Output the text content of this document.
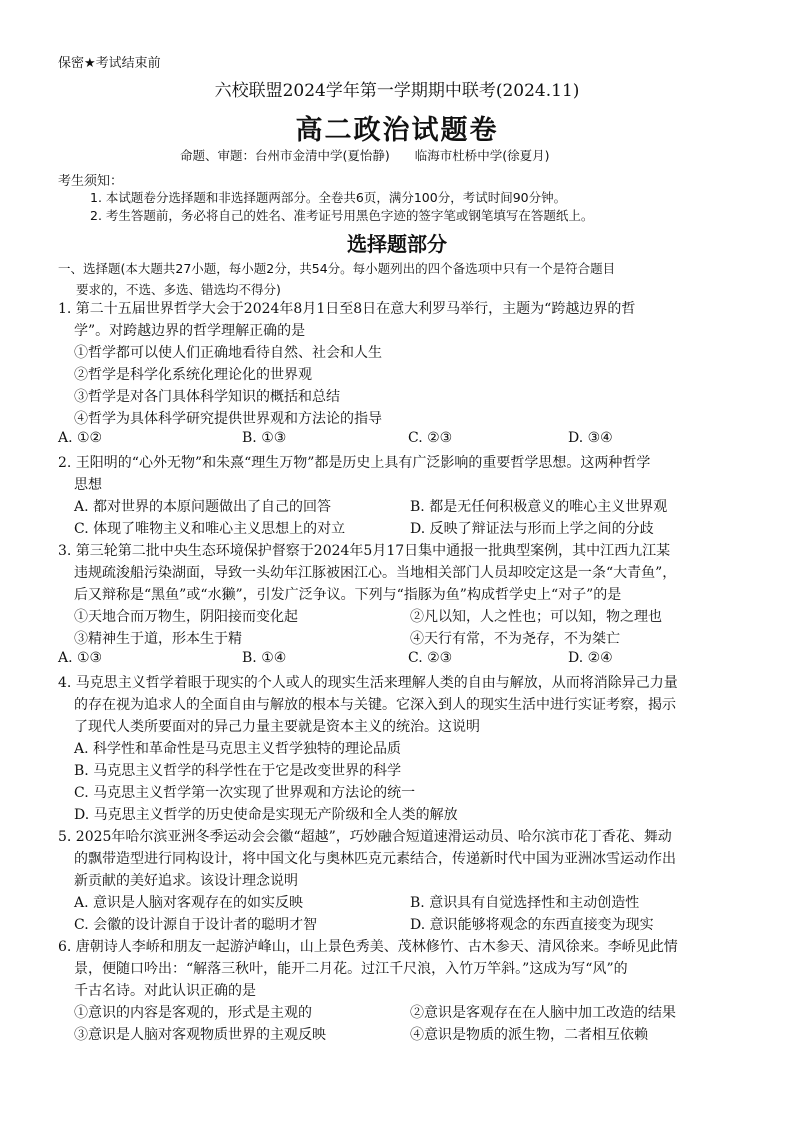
保密★考试结束前
六校联盟2024学年第一学期期中联考(2024.11)
高二政治试题卷
命题、审题：台州市金清中学(夏怡静)　　临海市杜桥中学(徐夏月)
考生须知：
1. 本试题卷分选择题和非选择题两部分。全卷共6页，满分100分，考试时间90分钟。
2. 考生答题前，务必将自己的姓名、准考证号用黑色字迹的签字笔或钢笔填写在答题纸上。
选择题部分
一、选择题(本大题共27小题，每小题2分，共54分。每小题列出的四个备选项中只有一个是符合题目
要求的，不选、多选、错选均不得分)
1. 第二十五届世界哲学大会于2024年8月1日至8日在意大利罗马举行，主题为“跨越边界的哲
学”。对跨越边界的哲学理解正确的是
①哲学都可以使人们正确地看待自然、社会和人生
②哲学是科学化系统化理论化的世界观
③哲学是对各门具体科学知识的概括和总结
④哲学为具体科学研究提供世界观和方法论的指导
A. ①②	B. ①③	C. ②③	D. ③④
2. 王阳明的“心外无物”和朱熹“理生万物”都是历史上具有广泛影响的重要哲学思想。这两种哲学
思想
A. 都对世界的本原问题做出了自己的回答	B. 都是无任何积极意义的唯心主义世界观
C. 体现了唯物主义和唯心主义思想上的对立	D. 反映了辩证法与形而上学之间的分歧
3. 第三轮第二批中央生态环境保护督察于2024年5月17日集中通报一批典型案例，其中江西九江某
违规疏浚船污染湖面，导致一头幼年江豚被困江心。当地相关部门人员却咬定这是一条“大青鱼”，
后又辩称是“黑鱼”或“水獭”，引发广泛争议。下列与“指豚为鱼”构成哲学史上“对子”的是
①天地合而万物生，阴阳接而变化起	②凡以知，人之性也；可以知，物之理也
③精神生于道，形本生于精	④天行有常，不为尧存，不为桀亡
A. ①③	B. ①④	C. ②③	D. ②④
4. 马克思主义哲学着眼于现实的个人或人的现实生活来理解人类的自由与解放，从而将消除异己力量
的存在视为追求人的全面自由与解放的根本与关键。它深入到人的现实生活中进行实证考察，揭示
了现代人类所要面对的异己力量主要就是资本主义的统治。这说明
A. 科学性和革命性是马克思主义哲学独特的理论品质
B. 马克思主义哲学的科学性在于它是改变世界的科学
C. 马克思主义哲学第一次实现了世界观和方法论的统一
D. 马克思主义哲学的历史使命是实现无产阶级和全人类的解放
5. 2025年哈尔滨亚洲冬季运动会会徽“超越”，巧妙融合短道速滑运动员、哈尔滨市花丁香花、舞动
的飘带造型进行同构设计，将中国文化与奥林匹克元素结合，传递新时代中国为亚洲冰雪运动作出
新贡献的美好追求。该设计理念说明
A. 意识是人脑对客观存在的如实反映	B. 意识具有自觉选择性和主动创造性
C. 会徽的设计源自于设计者的聪明才智	D. 意识能够将观念的东西直接变为现实
6. 唐朝诗人李峤和朋友一起游泸峰山，山上景色秀美、茂林修竹、古木参天、清风徐来。李峤见此情
景，便随口吟出：“解落三秋叶，能开二月花。过江千尺浪，入竹万竿斜。”这成为写“风”的
千古名诗。对此认识正确的是
①意识的内容是客观的，形式是主观的	②意识是客观存在在人脑中加工改造的结果
③意识是人脑对客观物质世界的主观反映	④意识是物质的派生物，二者相互依赖
